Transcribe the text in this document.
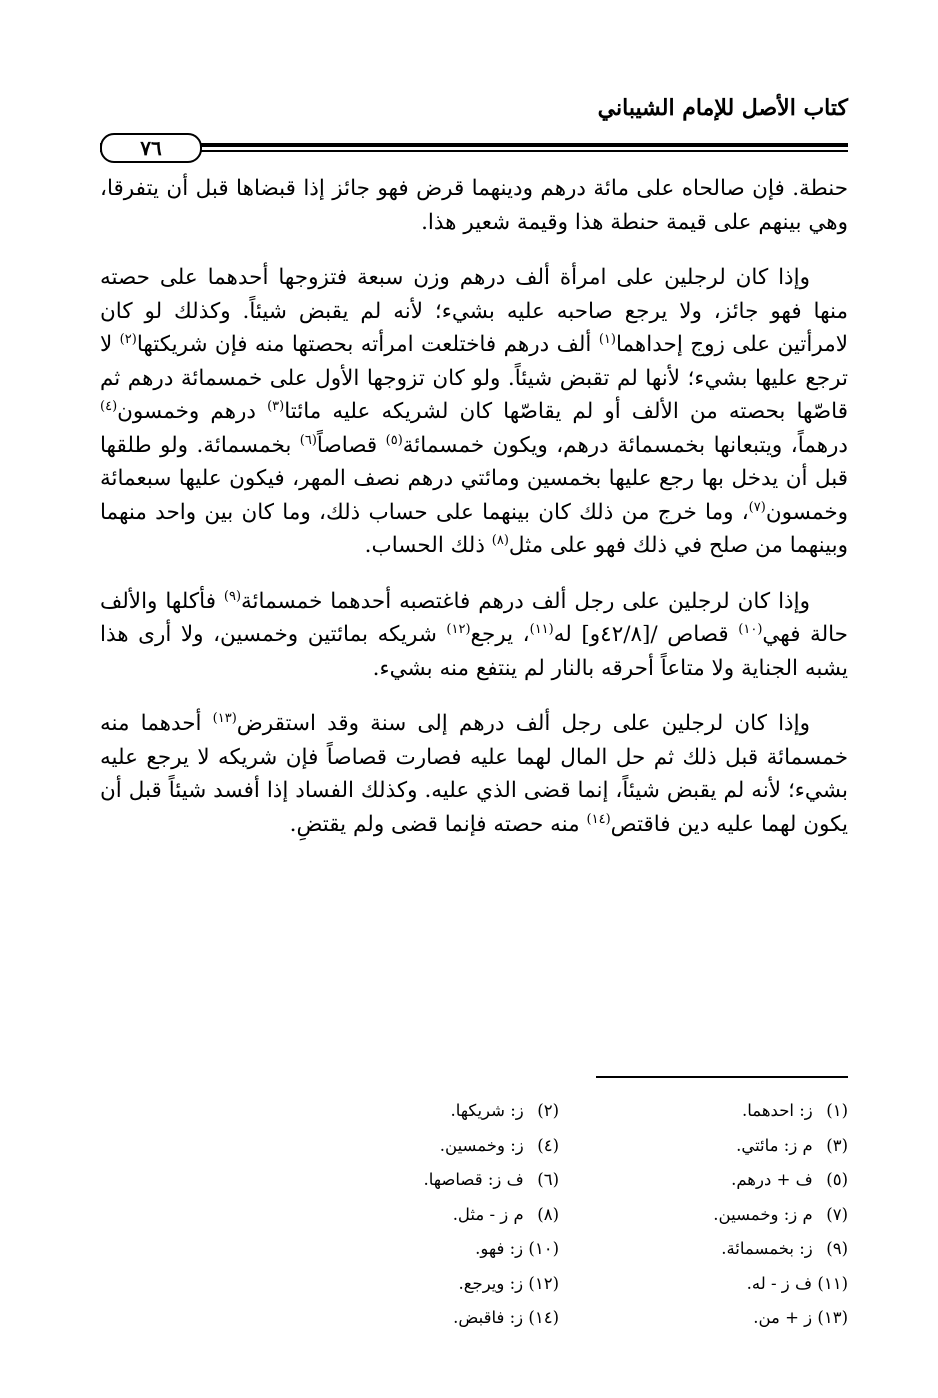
كتاب الأصل للإمام الشيباني
٧٦

حنطة. فإن صالحاه على مائة درهم ودينهما قرض فهو جائز إذا قبضاها قبل أن يتفرقا، وهي بينهم على قيمة حنطة هذا وقيمة شعير هذا.

وإذا كان لرجلين على امرأة ألف درهم وزن سبعة فتزوجها أحدهما على حصته منها فهو جائز، ولا يرجع صاحبه عليه بشيء؛ لأنه لم يقبض شيئاً. وكذلك لو كان لامرأتين على زوج إحداهما$^{(١)}$ ألف درهم فاختلعت امرأته بحصتها منه فإن شريكتها$^{(٢)}$ لا ترجع عليها بشيء؛ لأنها لم تقبض شيئاً. ولو كان تزوجها الأول على خمسمائة درهم ثم قاصّها بحصته من الألف أو لم يقاصّها كان لشريكه عليه مائتا$^{(٣)}$ درهم وخمسون$^{(٤)}$ درهماً، ويتبعانها بخمسمائة درهم، ويكون خمسمائة$^{(٥)}$ قصاصاً$^{(٦)}$ بخمسمائة. ولو طلقها قبل أن يدخل بها رجع عليها بخمسين ومائتي درهم نصف المهر، فيكون عليها سبعمائة وخمسون$^{(٧)}$، وما خرج من ذلك كان بينهما على حساب ذلك، وما كان بين واحد منهما وبينهما من صلح في ذلك فهو على مثل$^{(٨)}$ ذلك الحساب.

وإذا كان لرجلين على رجل ألف درهم فاغتصبه أحدهما خمسمائة$^{(٩)}$ فأكلها والألف حالة فهي$^{(١٠)}$ قصاص /[٤٢/٨و] له$^{(١١)}$، يرجع$^{(١٢)}$ شريكه بمائتين وخمسين، ولا أرى هذا يشبه الجناية ولا متاعاً أحرقه بالنار لم ينتفع منه بشيء.

وإذا كان لرجلين على رجل ألف درهم إلى سنة وقد استقرض$^{(١٣)}$ أحدهما منه خمسمائة قبل ذلك ثم حل المال لهما عليه فصارت قصاصاً فإن شريكه لا يرجع عليه بشيء؛ لأنه لم يقبض شيئاً، إنما قضى الذي عليه. وكذلك الفساد إذا أفسد شيئاً قبل أن يكون لهما عليه دين فاقتص$^{(١٤)}$ منه حصته فإنما قضى ولم يقتضِ.

(١) ز: احدهما.
(٢) ز: شريكها.
(٣) م ز: مائتي.
(٤) ز: وخمسين.
(٥) ف + درهم.
(٦) ف ز: قصاصها.
(٧) م ز: وخمسين.
(٨) م ز - مثل.
(٩) ز: بخمسمائة.
(١٠) ز: فهو.
(١١) ف ز - له.
(١٢) ز: ويرجع.
(١٣) ز + من.
(١٤) ز: فاقبض.
